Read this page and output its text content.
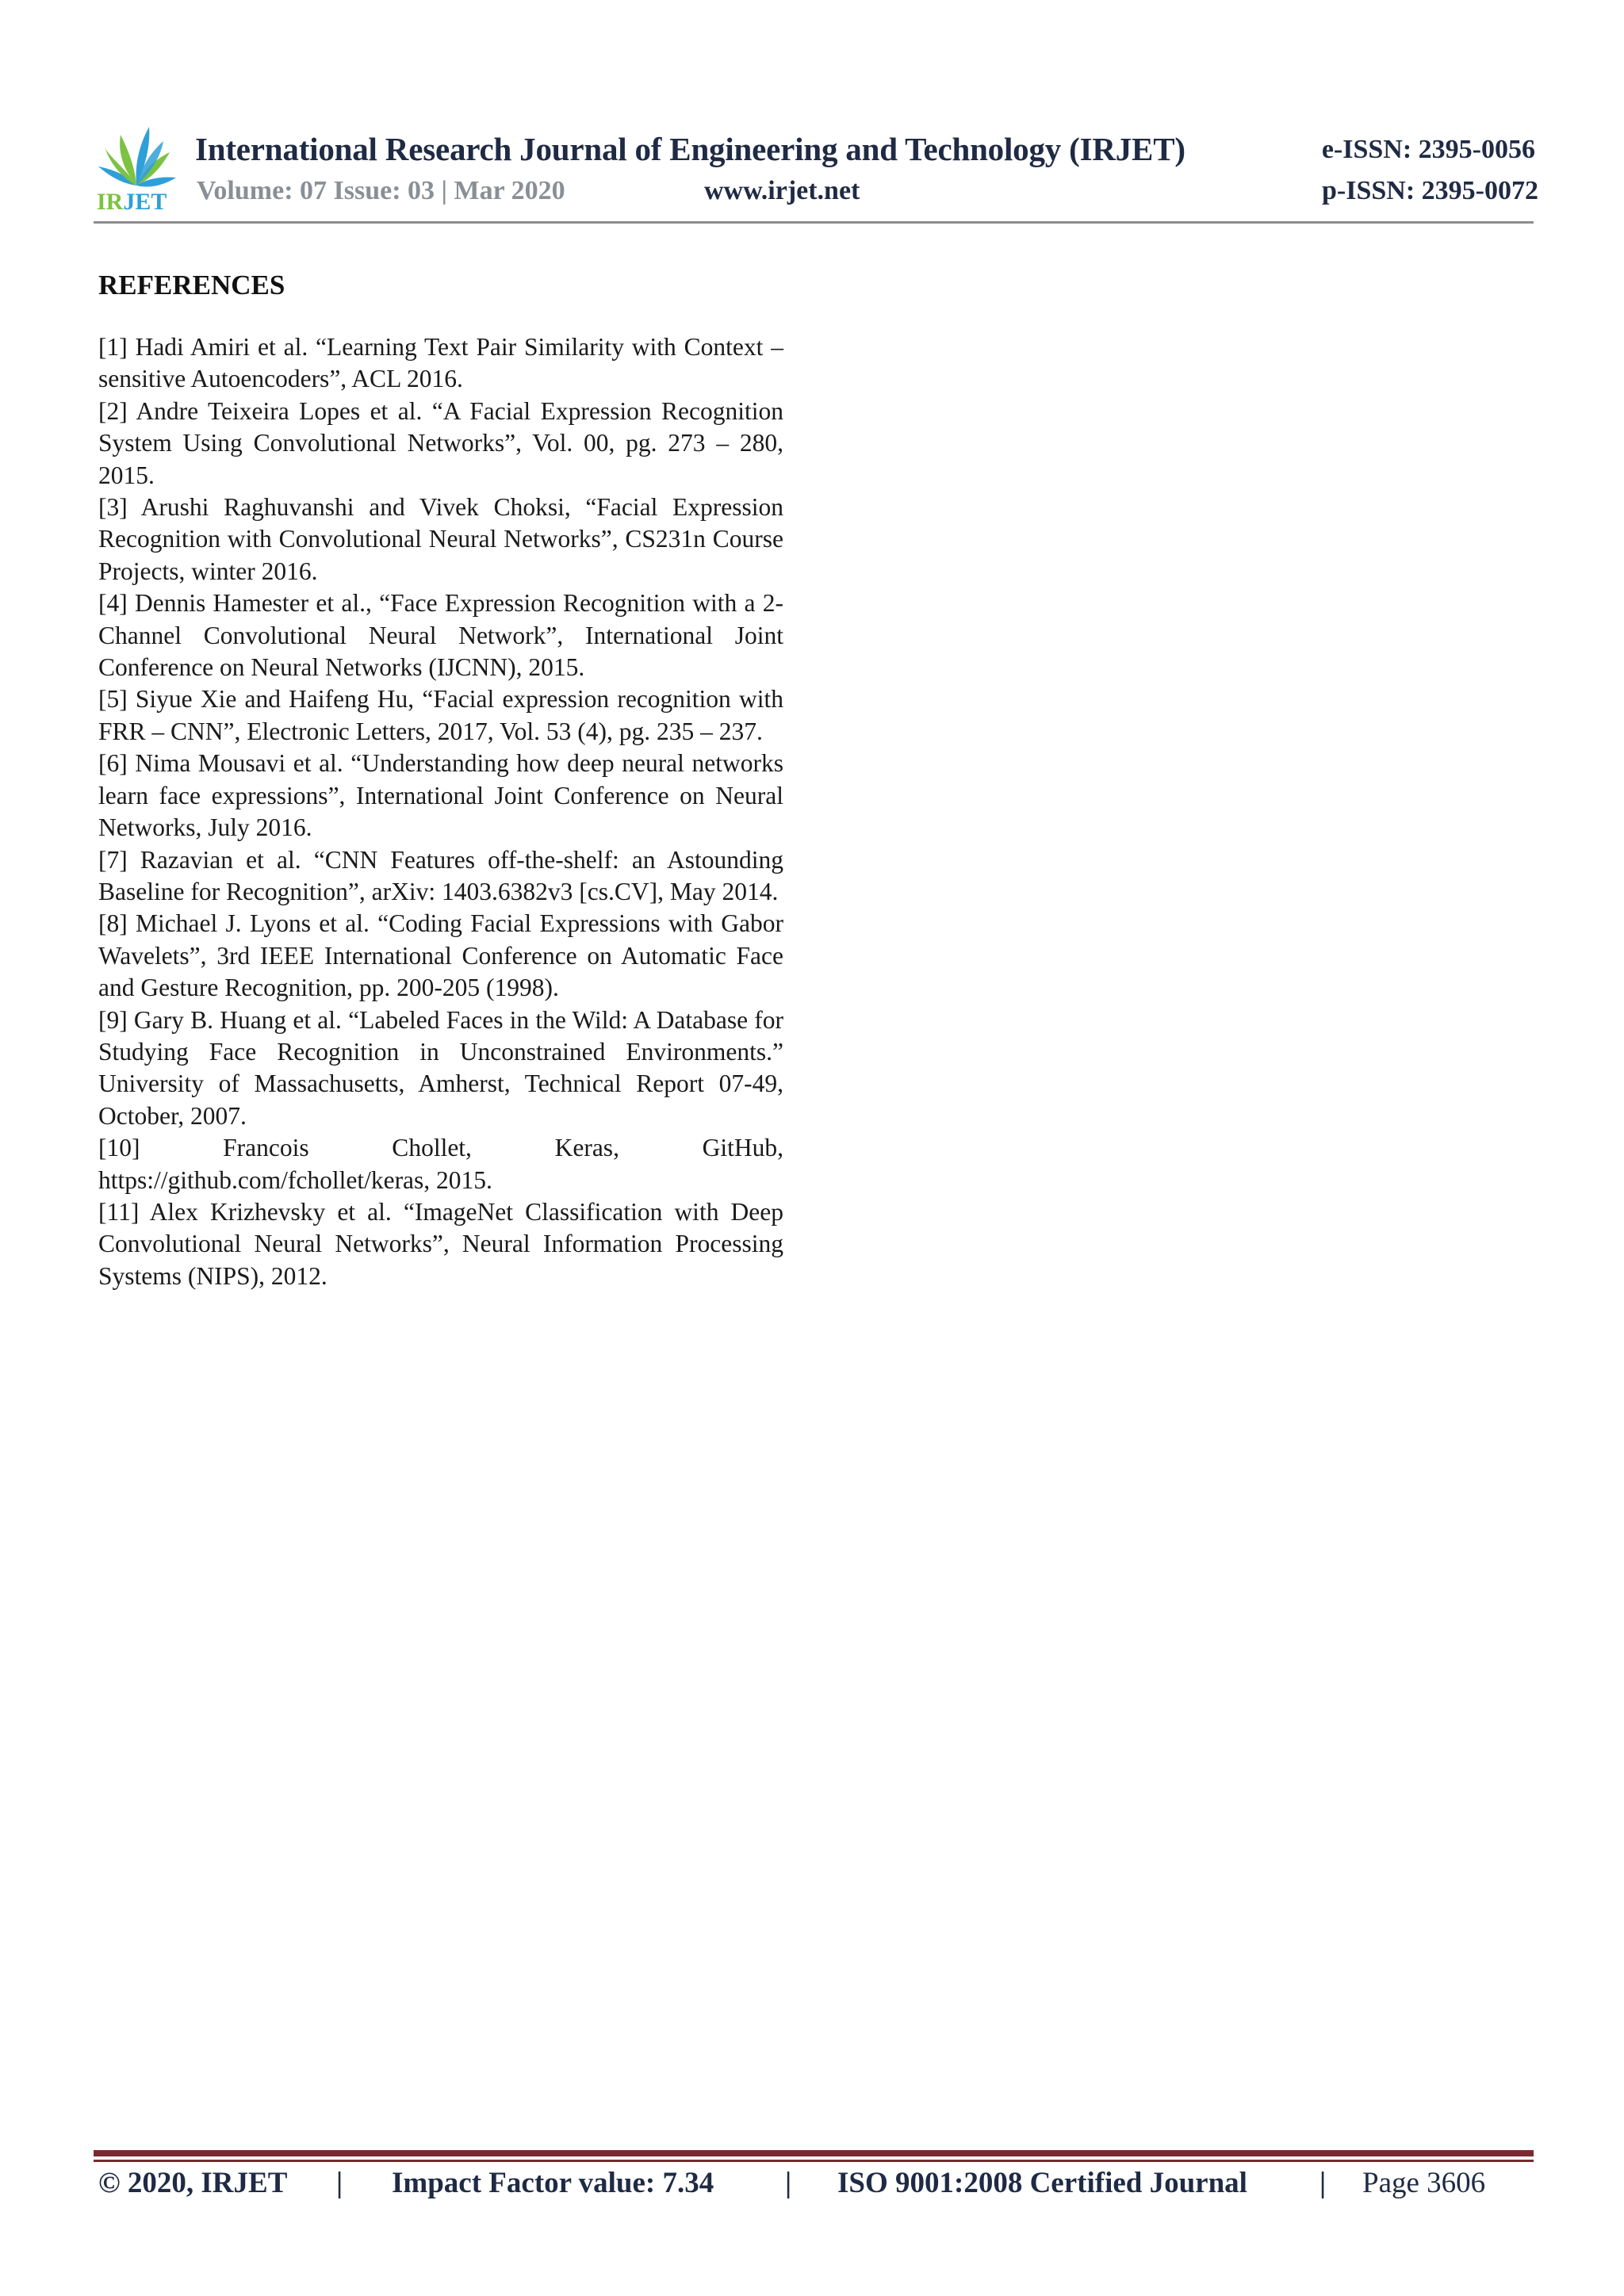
IRJET
International Research Journal of Engineering and Technology (IRJET)
Volume: 07 Issue: 03 | Mar 2020	www.irjet.net
e-ISSN: 2395-0056
p-ISSN: 2395-0072
REFERENCES
[1] Hadi Amiri et al. “Learning Text Pair Similarity with Context – sensitive Autoencoders”, ACL 2016.
[2] Andre Teixeira Lopes et al. “A Facial Expression Recognition System Using Convolutional Networks”, Vol. 00, pg. 273 – 280, 2015.
[3] Arushi Raghuvanshi and Vivek Choksi, “Facial Expression Recognition with Convolutional Neural Networks”, CS231n Course Projects, winter 2016.
[4] Dennis Hamester et al., “Face Expression Recognition with a 2-Channel Convolutional Neural Network”, International Joint Conference on Neural Networks (IJCNN), 2015.
[5] Siyue Xie and Haifeng Hu, “Facial expression recognition with FRR – CNN”, Electronic Letters, 2017, Vol. 53 (4), pg. 235 – 237.
[6] Nima Mousavi et al. “Understanding how deep neural networks learn face expressions”, International Joint Conference on Neural Networks, July 2016.
[7] Razavian et al. “CNN Features off-the-shelf: an Astounding Baseline for Recognition”, arXiv: 1403.6382v3 [cs.CV], May 2014.
[8] Michael J. Lyons et al. “Coding Facial Expressions with Gabor Wavelets”, 3rd IEEE International Conference on Automatic Face and Gesture Recognition, pp. 200-205 (1998).
[9] Gary B. Huang et al. “Labeled Faces in the Wild: A Database for Studying Face Recognition in Unconstrained Environments.” University of Massachusetts, Amherst, Technical Report 07-49, October, 2007.
[10] Francois Chollet, Keras, GitHub, https://github.com/fchollet/keras, 2015.
[11] Alex Krizhevsky et al. “ImageNet Classification with Deep Convolutional Neural Networks”, Neural Information Processing Systems (NIPS), 2012.
© 2020, IRJET | Impact Factor value: 7.34 | ISO 9001:2008 Certified Journal | Page 3606
